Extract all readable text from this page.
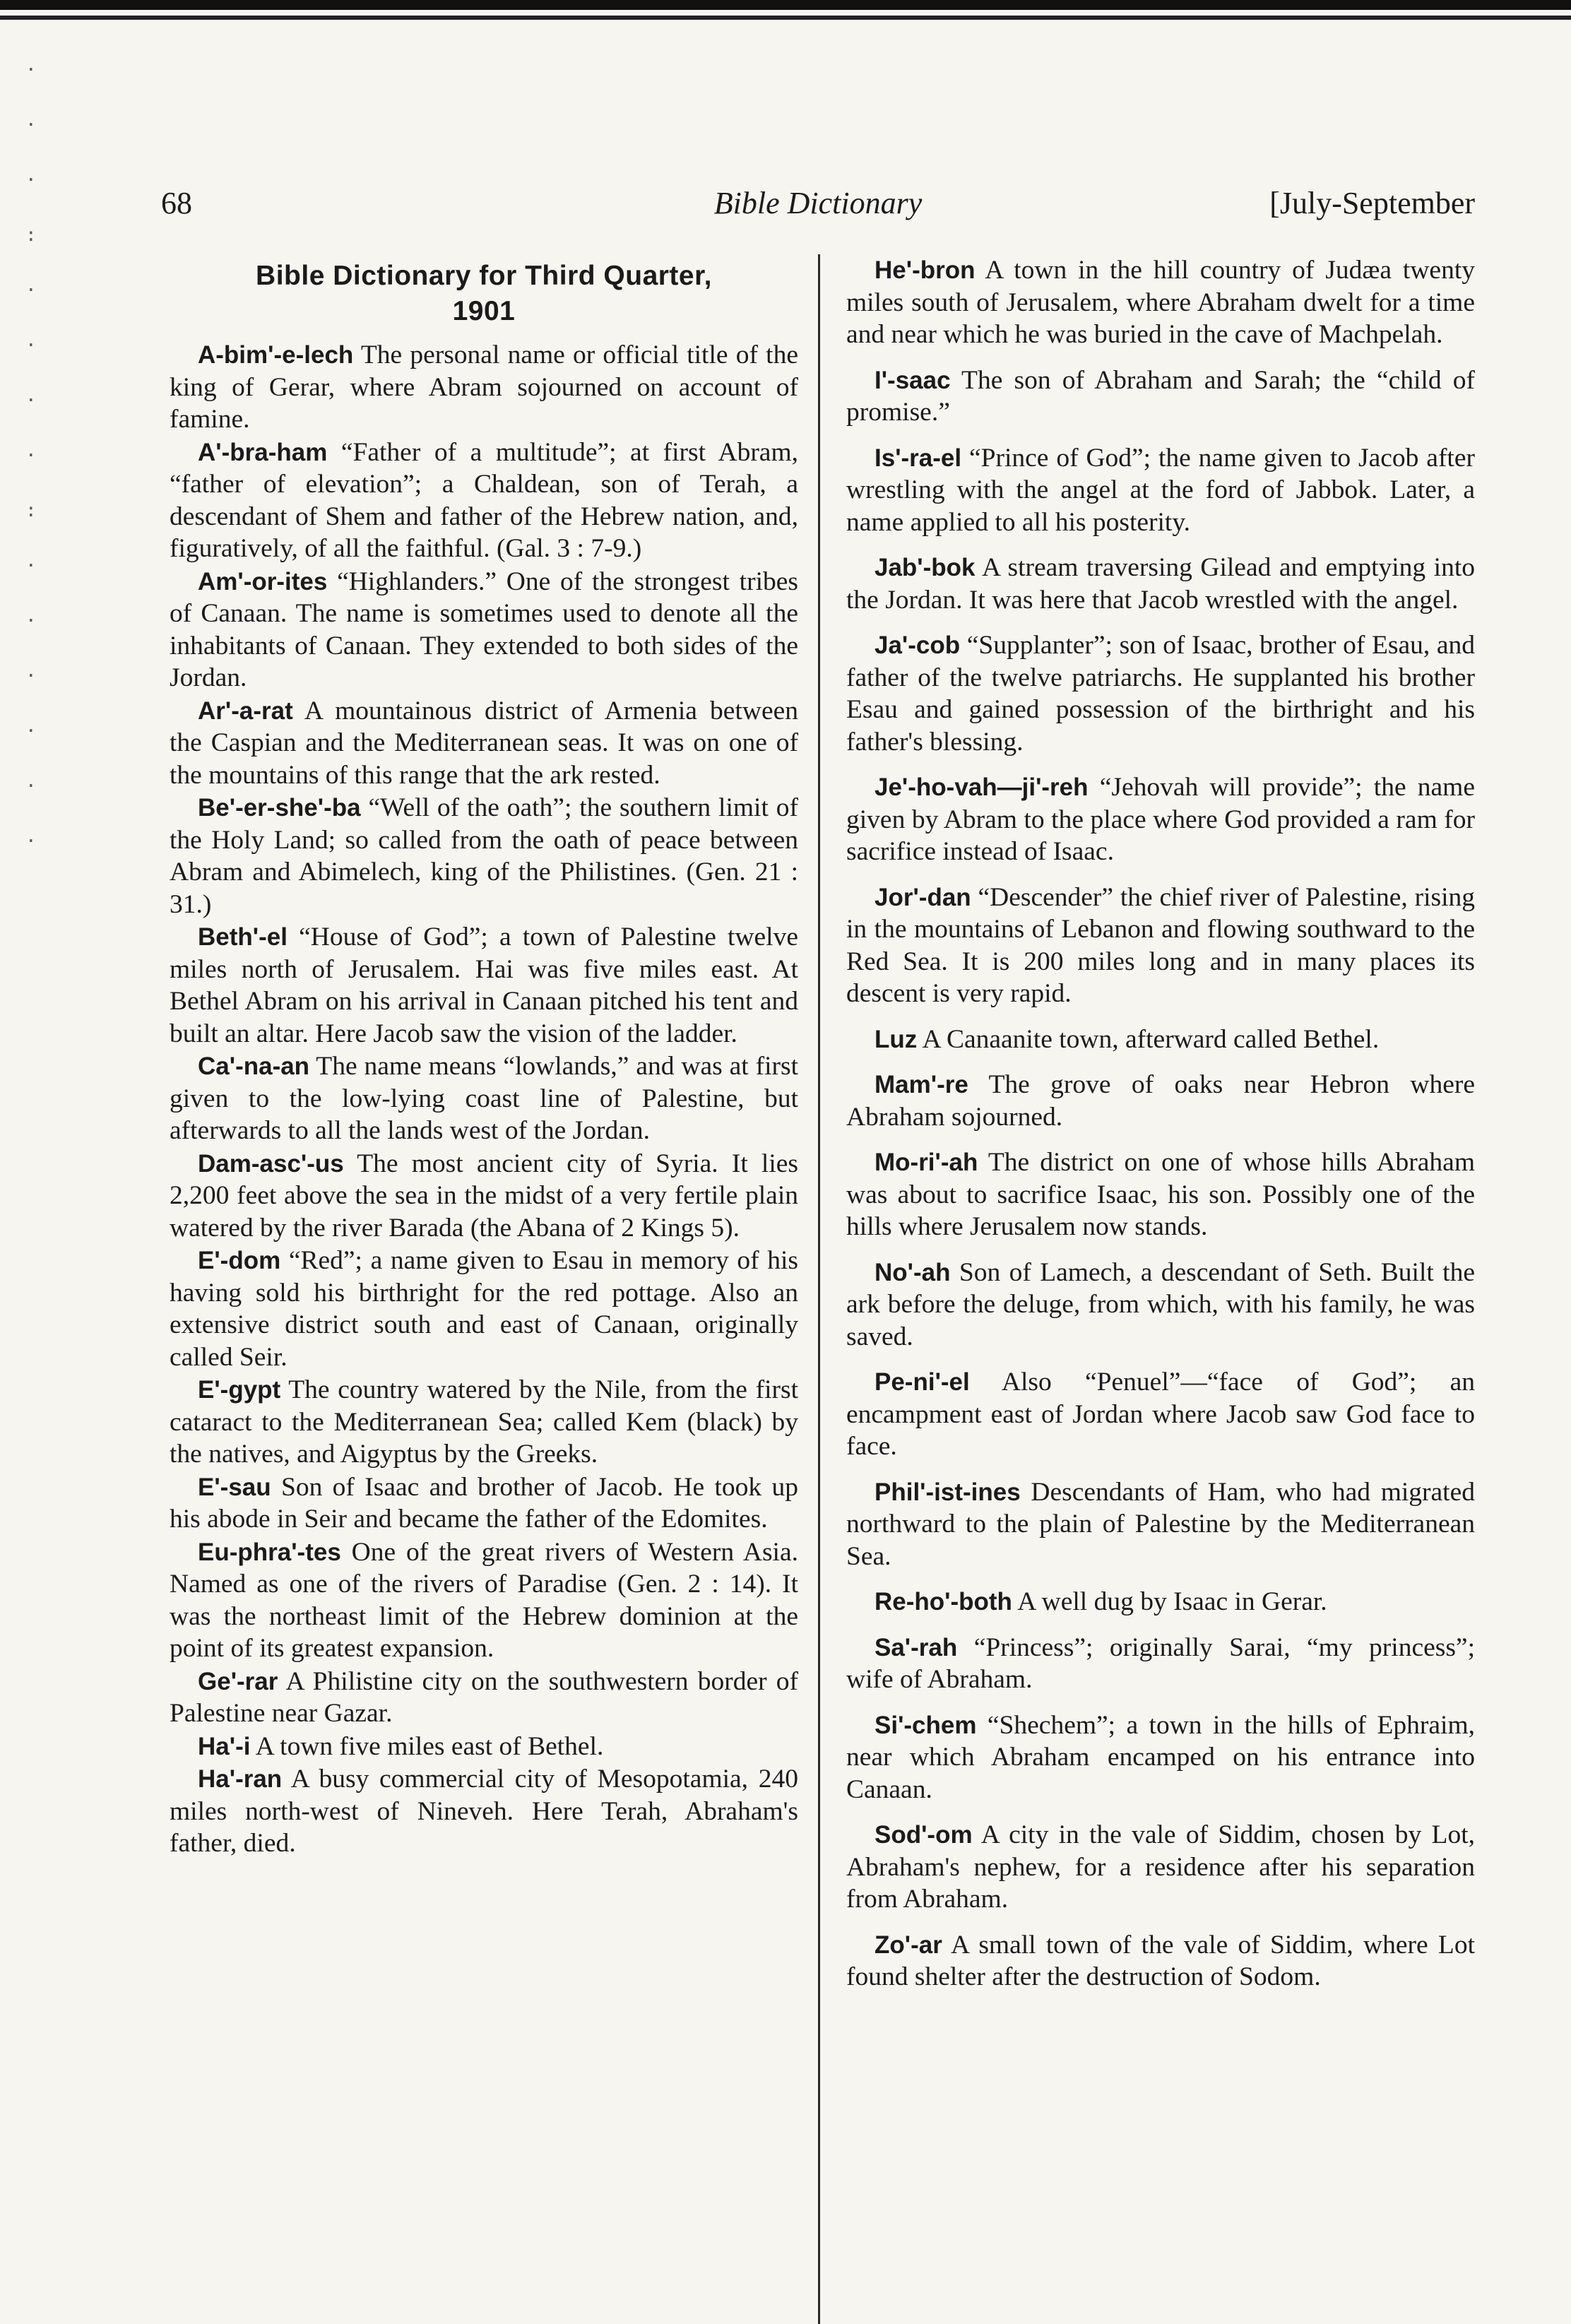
·
·
·
:
·
·
·
·
:
·
·
·
·
·
·
68	Bible Dictionary	[July-September
Bible Dictionary for Third Quarter,
1901

A-bim'-e-lech The personal name or official title of the king of Gerar, where Abram sojourned on account of famine.

A'-bra-ham “Father of a multitude”; at first Abram, “father of elevation”; a Chaldean, son of Terah, a descendant of Shem and father of the Hebrew nation, and, figuratively, of all the faithful. (Gal. 3 : 7-9.)

Am'-or-ites “Highlanders.” One of the strongest tribes of Canaan. The name is sometimes used to denote all the inhabitants of Canaan. They extended to both sides of the Jordan.

Ar'-a-rat A mountainous district of Armenia between the Caspian and the Mediterranean seas. It was on one of the mountains of this range that the ark rested.

Be'-er-she'-ba “Well of the oath”; the southern limit of the Holy Land; so called from the oath of peace between Abram and Abimelech, king of the Philistines. (Gen. 21 : 31.)

Beth'-el “House of God”; a town of Palestine twelve miles north of Jerusalem. Hai was five miles east. At Bethel Abram on his arrival in Canaan pitched his tent and built an altar. Here Jacob saw the vision of the ladder.

Ca'-na-an The name means “lowlands,” and was at first given to the low-lying coast line of Palestine, but afterwards to all the lands west of the Jordan.

Dam-asc'-us The most ancient city of Syria. It lies 2,200 feet above the sea in the midst of a very fertile plain watered by the river Barada (the Abana of 2 Kings 5).

E'-dom “Red”; a name given to Esau in memory of his having sold his birthright for the red pottage. Also an extensive district south and east of Canaan, originally called Seir.

E'-gypt The country watered by the Nile, from the first cataract to the Mediterranean Sea; called Kem (black) by the natives, and Aigyptus by the Greeks.

E'-sau Son of Isaac and brother of Jacob. He took up his abode in Seir and became the father of the Edomites.

Eu-phra'-tes One of the great rivers of Western Asia. Named as one of the rivers of Paradise (Gen. 2 : 14). It was the northeast limit of the Hebrew dominion at the point of its greatest expansion.

Ge'-rar A Philistine city on the southwestern border of Palestine near Gazar.

Ha'-i A town five miles east of Bethel.

Ha'-ran A busy commercial city of Mesopotamia, 240 miles north-west of Nineveh. Here Terah, Abraham's father, died.

He'-bron A town in the hill country of Judæa twenty miles south of Jerusalem, where Abraham dwelt for a time and near which he was buried in the cave of Machpelah.

I'-saac The son of Abraham and Sarah; the “child of promise.”

Is'-ra-el “Prince of God”; the name given to Jacob after wrestling with the angel at the ford of Jabbok. Later, a name applied to all his posterity.

Jab'-bok A stream traversing Gilead and emptying into the Jordan. It was here that Jacob wrestled with the angel.

Ja'-cob “Supplanter”; son of Isaac, brother of Esau, and father of the twelve patriarchs. He supplanted his brother Esau and gained possession of the birthright and his father's blessing.

Je'-ho-vah—ji'-reh “Jehovah will provide”; the name given by Abram to the place where God provided a ram for sacrifice instead of Isaac.

Jor'-dan “Descender” the chief river of Palestine, rising in the mountains of Lebanon and flowing southward to the Red Sea. It is 200 miles long and in many places its descent is very rapid.

Luz A Canaanite town, afterward called Bethel.

Mam'-re The grove of oaks near Hebron where Abraham sojourned.

Mo-ri'-ah The district on one of whose hills Abraham was about to sacrifice Isaac, his son. Possibly one of the hills where Jerusalem now stands.

No'-ah Son of Lamech, a descendant of Seth. Built the ark before the deluge, from which, with his family, he was saved.

Pe-ni'-el Also “Penuel”—“face of God”; an encampment east of Jordan where Jacob saw God face to face.

Phil'-ist-ines Descendants of Ham, who had migrated northward to the plain of Palestine by the Mediterranean Sea.

Re-ho'-both A well dug by Isaac in Gerar.

Sa'-rah “Princess”; originally Sarai, “my princess”; wife of Abraham.

Si'-chem “Shechem”; a town in the hills of Ephraim, near which Abraham encamped on his entrance into Canaan.

Sod'-om A city in the vale of Siddim, chosen by Lot, Abraham's nephew, for a residence after his separation from Abraham.

Zo'-ar A small town of the vale of Siddim, where Lot found shelter after the destruction of Sodom.
